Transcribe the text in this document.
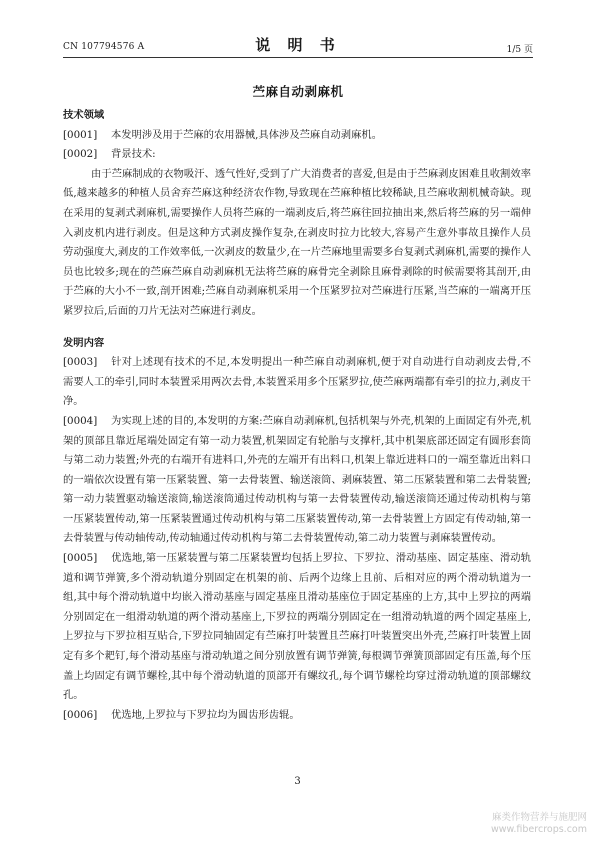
CN 107794576 A	说 明 书	1/5 页
苎麻自动剥麻机

技术领域

[0001] 本发明涉及用于苎麻的农用器械,具体涉及苎麻自动剥麻机。

[0002] 背景技术:

由于苎麻制成的衣物吸汗、透气性好,受到了广大消费者的喜爱,但是由于苎麻剥皮困难且收割效率低,越来越多的种植人员舍弃苎麻这种经济农作物,导致现在苎麻种植比较稀缺,且苎麻收割机械奇缺。现在采用的复剥式剥麻机,需要操作人员将苎麻的一端剥皮后,将苎麻往回拉抽出来,然后将苎麻的另一端伸入剥皮机内进行剥皮。但是这种方式剥皮操作复杂,在剥皮时拉力比较大,容易产生意外事故且操作人员劳动强度大,剥皮的工作效率低,一次剥皮的数量少,在一片苎麻地里需要多台复剥式剥麻机,需要的操作人员也比较多;现在的苎麻苎麻自动剥麻机无法将苎麻的麻骨完全剥除且麻骨剥除的时候需要将其剖开,由于苎麻的大小不一致,剖开困难;苎麻自动剥麻机采用一个压紧罗拉对苎麻进行压紧,当苎麻的一端离开压紧罗拉后,后面的刀片无法对苎麻进行剥皮。

发明内容

[0003] 针对上述现有技术的不足,本发明提出一种苎麻自动剥麻机,便于对自动进行自动剥皮去骨,不需要人工的牵引,同时本装置采用两次去骨,本装置采用多个压紧罗拉,使苎麻两端都有牵引的拉力,剥皮干净。

[0004] 为实现上述的目的,本发明的方案:苎麻自动剥麻机,包括机架与外壳,机架的上面固定有外壳,机架的顶部且靠近尾端处固定有第一动力装置,机架固定有轮胎与支撑杆,其中机架底部还固定有圆形套筒与第二动力装置;外壳的右端开有进料口,外壳的左端开有出料口,机架上靠近进料口的一端至靠近出料口的一端依次设置有第一压紧装置、第一去骨装置、输送滚筒、剥麻装置、第二压紧装置和第二去骨装置;第一动力装置驱动输送滚筒,输送滚筒通过传动机构与第一去骨装置传动,输送滚筒还通过传动机构与第一压紧装置传动,第一压紧装置通过传动机构与第二压紧装置传动,第一去骨装置上方固定有传动轴,第一去骨装置与传动轴传动,传动轴通过传动机构与第二去骨装置传动,第二动力装置与剥麻装置传动。

[0005] 优选地,第一压紧装置与第二压紧装置均包括上罗拉、下罗拉、滑动基座、固定基座、滑动轨道和调节弹簧,多个滑动轨道分别固定在机架的前、后两个边缘上且前、后相对应的两个滑动轨道为一组,其中每个滑动轨道中均嵌入滑动基座与固定基座且滑动基座位于固定基座的上方,其中上罗拉的两端分别固定在一组滑动轨道的两个滑动基座上,下罗拉的两端分别固定在一组滑动轨道的两个固定基座上,上罗拉与下罗拉相互贴合,下罗拉同轴固定有苎麻打叶装置且苎麻打叶装置突出外壳,苎麻打叶装置上固定有多个耙钉,每个滑动基座与滑动轨道之间分别放置有调节弹簧,每根调节弹簧顶部固定有压盖,每个压盖上均固定有调节螺栓,其中每个滑动轨道的顶部开有螺纹孔,每个调节螺栓均穿过滑动轨道的顶部螺纹孔。

[0006] 优选地,上罗拉与下罗拉均为圆齿形齿辊。

3
麻类作物营养与施肥网
www.fibercrops.com
